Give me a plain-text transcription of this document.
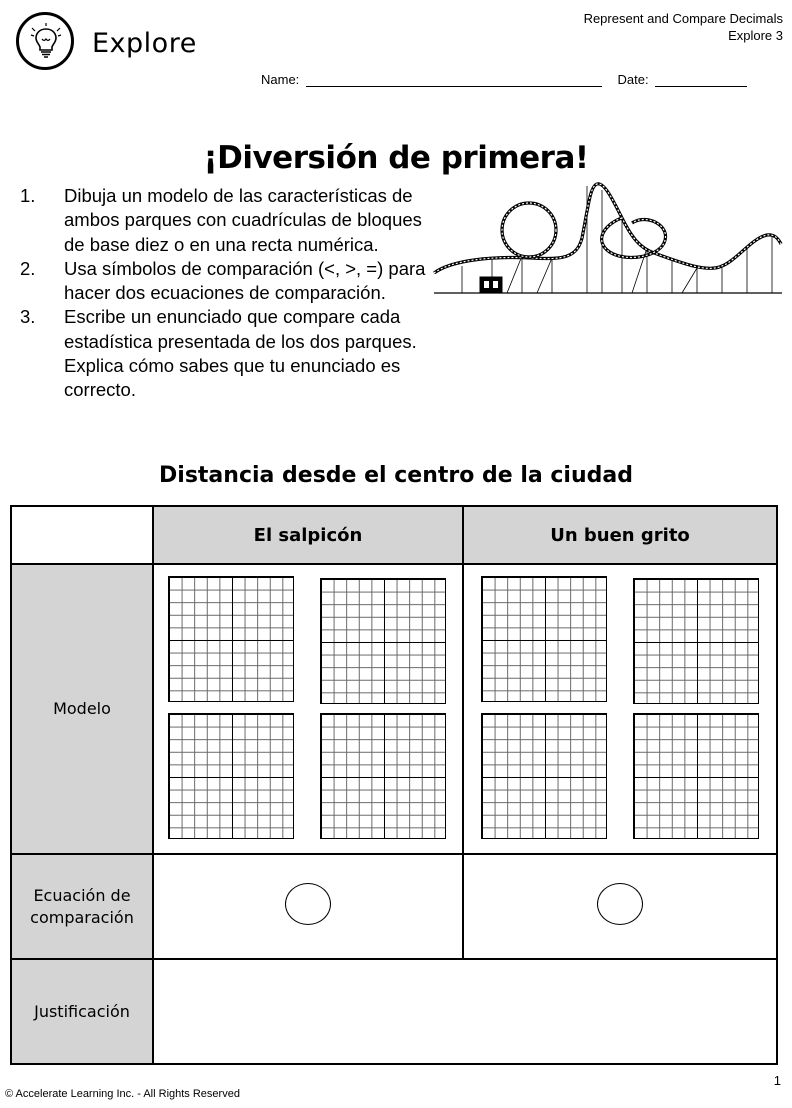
Explore
Represent and Compare Decimals
Explore 3
Name:	Date:
¡Diversión de primera!
1.	Dibuja un modelo de las características de ambos parques con cuadrículas de bloques de base diez o en una recta numérica.
2.	Usa símbolos de comparación (<, >, =) para hacer dos ecuaciones de comparación.
3.	Escribe un enunciado que compare cada estadística presentada de los dos parques. Explica cómo sabes que tu enunciado es correcto.
Distancia desde el centro de la ciudad
	El salpicón	Un buen grito
Modelo	

Ecuación de comparación		
Justificación		
© Accelerate Learning Inc. - All Rights Reserved
1
